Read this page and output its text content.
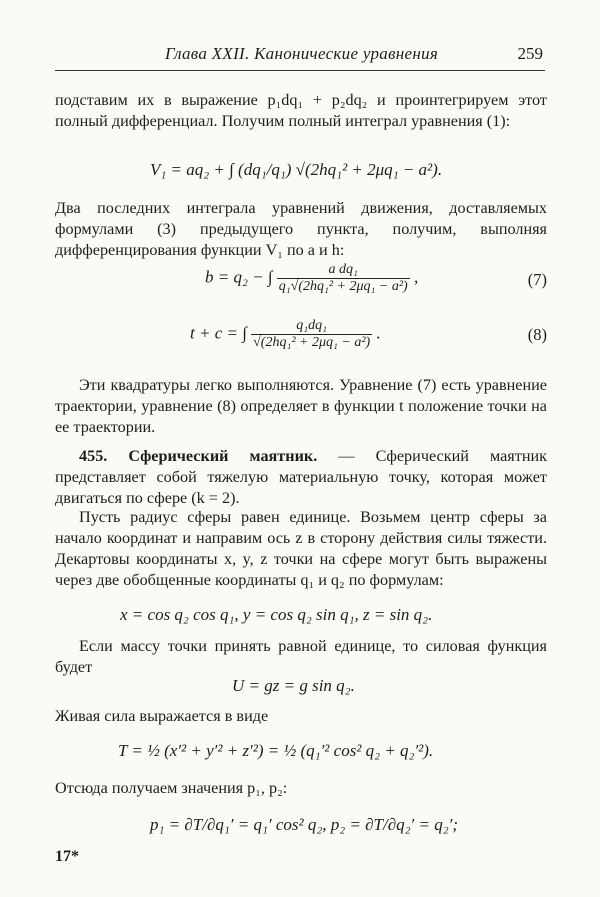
Глава XXII. Канонические уравнения	259
подставим их в выражение p₁dq₁ + p₂dq₂ и проинтегрируем этот полный дифференциал. Получим полный интеграл уравнения (1):
V₁ = aq₂ + ∫ (dq₁/q₁) √(2hq₁² + 2μq₁ − a²).
Два последних интеграла уравнений движения, доставляемых формулами (3) предыдущего пункта, получим, выполняя дифференцирования функции V₁ по a и h:
b = q₂ − ∫ $\frac{\text{a dq₁}}{\text{q₁√(2hq₁² + 2μq₁ − a²)}}$ ,	(7)
t + c = ∫ $\frac{\text{q₁dq₁}}{\text{√(2hq₁² + 2μq₁ − a²)}}$ .	(8)
Эти квадратуры легко выполняются. Уравнение (7) есть уравнение траектории, уравнение (8) определяет в функции t положение точки на ее траектории.
455. Сферический маятник. — Сферический маятник представляет собой тяжелую материальную точку, которая может двигаться по сфере (k = 2).
Пусть радиус сферы равен единице. Возьмем центр сферы за начало координат и направим ось z в сторону действия силы тяжести. Декартовы координаты x, y, z точки на сфере могут быть выражены через две обобщенные координаты q₁ и q₂ по формулам:
x = cos q₂ cos q₁, y = cos q₂ sin q₁, z = sin q₂.
Если массу точки принять равной единице, то силовая функция будет
U = gz = g sin q₂.
Живая сила выражается в виде
T = ½ (x′² + y′² + z′²) = ½ (q₁′² cos² q₂ + q₂′²).
Отсюда получаем значения p₁, p₂:
p₁ = ∂T/∂q₁′ = q₁′ cos² q₂, p₂ = ∂T/∂q₂′ = q₂′;
17*
